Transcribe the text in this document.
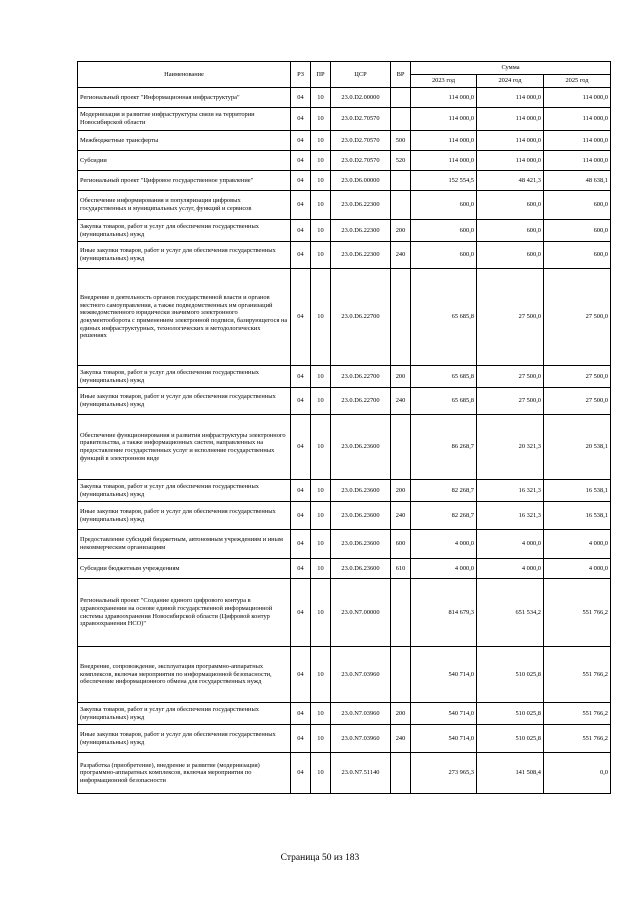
Наименование	РЗ	ПР	ЦСР	ВР	Сумма		
					2023 год	2024 год	2025 год
Региональный проект "Информационная инфраструктура"	04	10	23.0.D2.00000		114 000,0	114 000,0	114 000,0
Модернизация и развитие инфраструктуры связи на территории Новосибирской области	04	10	23.0.D2.70570		114 000,0	114 000,0	114 000,0
Межбюджетные трансферты	04	10	23.0.D2.70570	500	114 000,0	114 000,0	114 000,0
Субсидии	04	10	23.0.D2.70570	520	114 000,0	114 000,0	114 000,0
Региональный проект "Цифровое государственное управление"	04	10	23.0.D6.00000		152 554,5	48 421,3	48 638,1
Обеспечение информирования и популяризация цифровых государственных и муниципальных услуг, функций и сервисов	04	10	23.0.D6.22300		600,0	600,0	600,0
Закупка товаров, работ и услуг для обеспечения государственных (муниципальных) нужд	04	10	23.0.D6.22300	200	600,0	600,0	600,0
Иные закупки товаров, работ и услуг для обеспечения государственных (муниципальных) нужд	04	10	23.0.D6.22300	240	600,0	600,0	600,0
Внедрение в деятельность органов государственной власти и органов местного самоуправления, а также подведомственных им организаций межведомственного юридически значимого электронного документооборота с применением электронной подписи, базирующегося на единых инфраструктурных, технологических и методологических решениях	04	10	23.0.D6.22700		65 685,8	27 500,0	27 500,0
Закупка товаров, работ и услуг для обеспечения государственных (муниципальных) нужд	04	10	23.0.D6.22700	200	65 685,8	27 500,0	27 500,0
Иные закупки товаров, работ и услуг для обеспечения государственных (муниципальных) нужд	04	10	23.0.D6.22700	240	65 685,8	27 500,0	27 500,0
Обеспечение функционирования и развития инфраструктуры электронного правительства, а также информационных систем, направленных на предоставление государственных услуг и исполнение государственных функций в электронном виде	04	10	23.0.D6.23600		86 268,7	20 321,3	20 538,1
Закупка товаров, работ и услуг для обеспечения государственных (муниципальных) нужд	04	10	23.0.D6.23600	200	82 268,7	16 321,3	16 538,1
Иные закупки товаров, работ и услуг для обеспечения государственных (муниципальных) нужд	04	10	23.0.D6.23600	240	82 268,7	16 321,3	16 538,1
Предоставление субсидий бюджетным, автономным учреждениям и иным некоммерческим организациям	04	10	23.0.D6.23600	600	4 000,0	4 000,0	4 000,0
Субсидии бюджетным учреждениям	04	10	23.0.D6.23600	610	4 000,0	4 000,0	4 000,0
Региональный проект "Создание единого цифрового контура в здравоохранении на основе единой государственной информационной системы здравоохранения Новосибирской области (Цифровой контур здравоохранения НСО)"	04	10	23.0.N7.00000		814 679,3	651 534,2	551 766,2
Внедрение, сопровождение, эксплуатация программно-аппаратных комплексов, включая мероприятия по информационной безопасности, обеспечение информационного обмена для государственных нужд	04	10	23.0.N7.03960		540 714,0	510 025,8	551 766,2
Закупка товаров, работ и услуг для обеспечения государственных (муниципальных) нужд	04	10	23.0.N7.03960	200	540 714,0	510 025,8	551 766,2
Иные закупки товаров, работ и услуг для обеспечения государственных (муниципальных) нужд	04	10	23.0.N7.03960	240	540 714,0	510 025,8	551 766,2
Разработка (приобретение), внедрение и развитие (модернизация) программно-аппаратных комплексов, включая мероприятия по информационной безопасности	04	10	23.0.N7.51140		273 965,3	141 508,4	0,0
Страница 50 из 183
